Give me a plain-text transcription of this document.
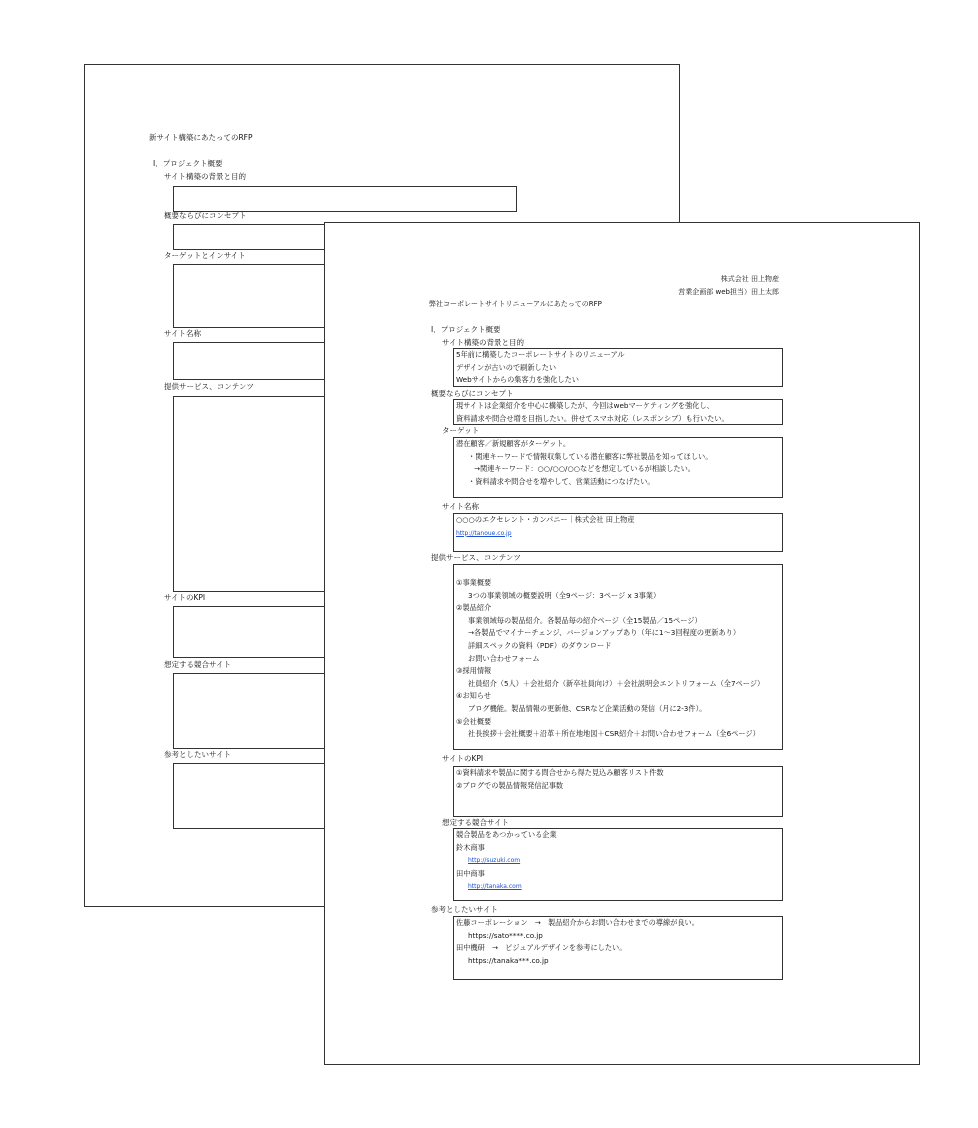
新サイト構築にあたってのRFP
Ⅰ．プロジェクト概要
サイト構築の背景と目的
概要ならびにコンセプト
ターゲットとインサイト
サイト名称
提供サービス、コンテンツ
サイトのKPI
想定する競合サイト
参考としたいサイト
株式会社 田上物産
営業企画部 web担当）田上太郎
弊社コーポレートサイトリニューアルにあたってのRFP
Ⅰ．プロジェクト概要
サイト構築の背景と目的
5年前に構築したコーポレートサイトのリニューアル
デザインが古いので刷新したい
Webサイトからの集客力を強化したい
概要ならびにコンセプト
現サイトは企業紹介を中心に構築したが、今回はwebマーケティングを強化し、
資料請求や問合せ増を目指したい。併せてスマホ対応（レスポンシブ）も行いたい。
ターゲット
潜在顧客／新規顧客がターゲット。
・関連キーワードで情報収集している潜在顧客に弊社製品を知ってほしい。
→関連キーワード：○○/○○/○○などを想定しているが相談したい。
・資料請求や問合せを増やして、営業活動につなげたい。
サイト名称
○○○のエクセレント・カンパニー｜株式会社 田上物産
http://tanoue.co.jp
提供サービス、コンテンツ
①事業概要
3つの事業領域の概要説明（全9ページ：3ページ x 3事業）
②製品紹介
事業領域毎の製品紹介。各製品毎の紹介ページ（全15製品／15ページ）
→各製品でマイナーチェンジ、バージョンアップあり（年に1～3回程度の更新あり）
詳細スペックの資料（PDF）のダウンロード
お問い合わせフォーム
③採用情報
社員紹介（5人）＋会社紹介（新卒社員向け）＋会社説明会エントリフォーム（全7ページ）
④お知らせ
ブログ機能。製品情報の更新他、CSRなど企業活動の発信（月に2-3件）。
⑤会社概要
社長挨拶＋会社概要＋沿革＋所在地地図＋CSR紹介＋お問い合わせフォーム（全6ページ）
サイトのKPI
①資料請求や製品に関する問合せから得た見込み顧客リスト件数
②ブログでの製品情報発信記事数
想定する競合サイト
競合製品をあつかっている企業
鈴木商事
http://suzuki.com
田中商事
http://tanaka.com
参考としたいサイト
佐藤コーポレーション　→　製品紹介からお問い合わせまでの導線が良い。
https://sato****.co.jp
田中機研　→　ビジュアルデザインを参考にしたい。
https://tanaka***.co.jp
